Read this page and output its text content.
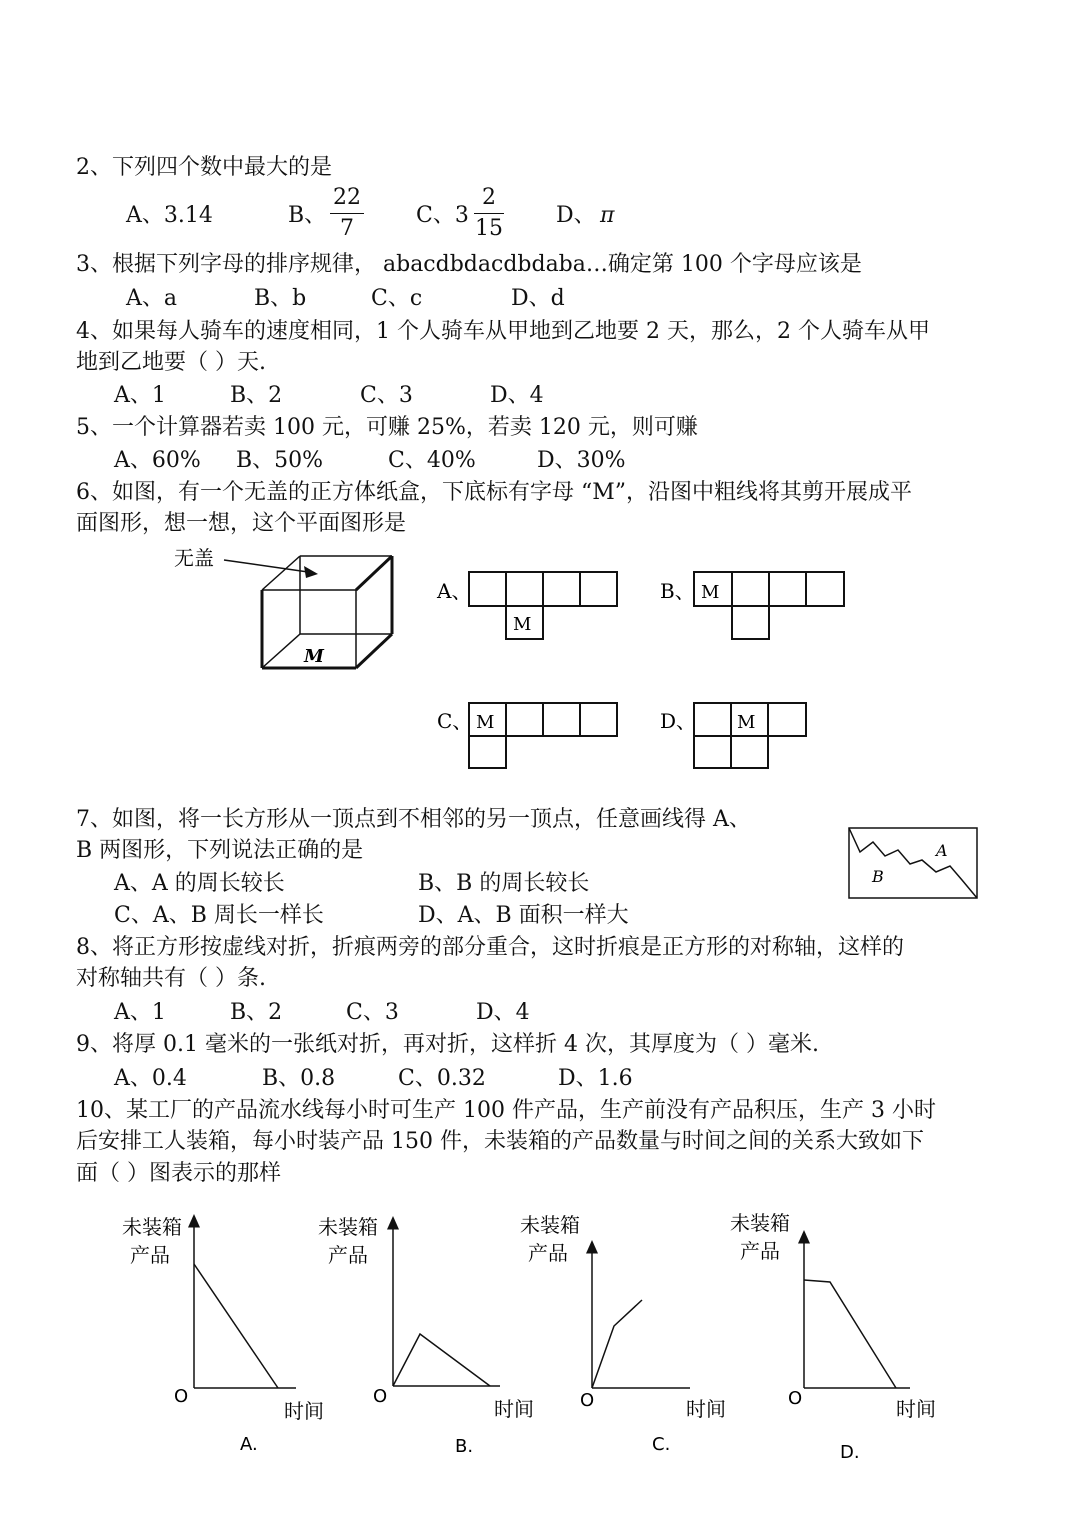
2、下列四个数中最大的是
A、3.14	B、
22
7
C、3
2
15
D、 π
3、根据下列字母的排序规律， abacdbdacdbdaba…确定第 100 个字母应该是
A、a	B、b	C、c	D、d
4、如果每人骑车的速度相同，1 个人骑车从甲地到乙地要 2 天，那么，2 个人骑车从甲
地到乙地要（ ）天.
A、1	B、2	C、3	D、4
5、一个计算器若卖 100 元，可赚 25%，若卖 120 元，则可赚
A、60% B、50%	C、40%	D、30%
6、如图，有一个无盖的正方体纸盒，下底标有字母 “M”，沿图中粗线将其剪开展成平
面图形，想一想，这个平面图形是
M
无盖
A、
M
B、 M
C、 M	D、 M
7、如图，将一长方形从一顶点到不相邻的另一顶点，任意画线得 A、
B 两图形，下列说法正确的是
A、A 的周长较长	B、B 的周长较长
C、A、B 周长一样长	D、A、B 面积一样大
A
B
8、将正方形按虚线对折，折痕两旁的部分重合，这时折痕是正方形的对称轴，这样的
对称轴共有（ ）条.
A、1	B、2	C、3	D、4
9、将厚 0.1 毫米的一张纸对折，再对折，这样折 4 次，其厚度为（ ）毫米.
A、0.4	B、0.8	C、0.32	D、1.6
10、某工厂的产品流水线每小时可生产 100 件产品，生产前没有产品积压，生产 3 小时
后安排工人装箱，每小时装产品 150 件，未装箱的产品数量与时间之间的关系大致如下
面（ ）图表示的那样
未装箱
产品
O
时间
A.
未装箱
产品
O
时间
B.
未装箱
产品
O	时间
C.
未装箱
产品
O	时间
D.
